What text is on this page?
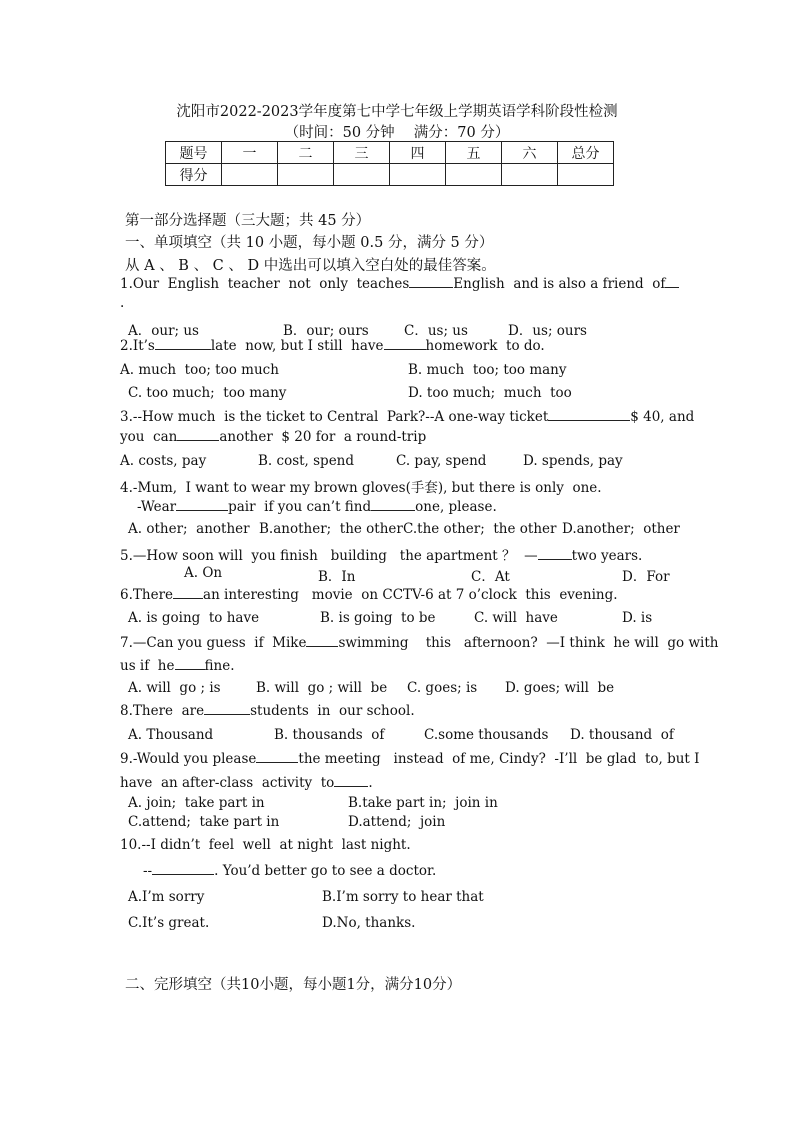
沈阳市2022-2023学年度第七中学七年级上学期英语学科阶段性检测
（时间：50 分钟　 满分：70 分）
题号	一	二	三	四	五	六	总分
得分							
第一部分选择题（三大题；共 45 分）
一、单项填空（共 10 小题，每小题 0.5 分，满分 5 分）
从 A 、 B 、 C 、 D 中选出可以填入空白处的最佳答案。
1.Our  English  teacher  not  only  teaches	English  and is also a friend  of
.
A．our; us	B．our; ours	C．us; us	D．us; ours
2.It’s	late  now, but I still  have	homework  to do.
A. much  too; too much	B. much  too; too many
C. too much;  too many	D. too much;  much  too
3.--How much  is the ticket to Central  Park?--A one-way ticket	$ 40, and
you  can	another  $ 20 for  a round-trip
A. costs, pay	B. cost, spend	C. pay, spend	D. spends, pay
4.-Mum,  I want to wear my brown gloves(手套), but there is only  one.
-Wear	pair  if you can’t find	one, please.
A. other;  another B.another;  the other C.the other;  the other D.another;  other
5.—How soon will  you finish   building   the apartment ？  —	two years.
A. On	B．In	C．At	D．For
6.There an interesting   movie  on CCTV-6 at 7 o’clock  this  evening.
A. is going  to have	B. is going  to be	C. will  have	D. is
7.—Can you guess  if  Mike swimming    this   afternoon?  —I think  he will  go with
us if  he fine.
A. will  go ; is	B. will  go ; will  be C. goes; is D. goes; will  be
8.There  are	students  in  our school.
A. Thousand	B. thousands  of	C.some thousands D. thousand  of
9.-Would you please	the meeting   instead  of me, Cindy?  -I’ll  be glad  to, but I
have  an after-class  activity  to	.
A. join;  take part in	B.take part in;  join in
C.attend;  take part in	D.attend;  join
10.--I didn’t  feel  well  at night  last night.
--	. You’d better go to see a doctor.
A.I’m sorry	B.I’m sorry to hear that
C.It’s great.	D.No, thanks.
二、完形填空（共10小题，每小题1分，满分10分）
